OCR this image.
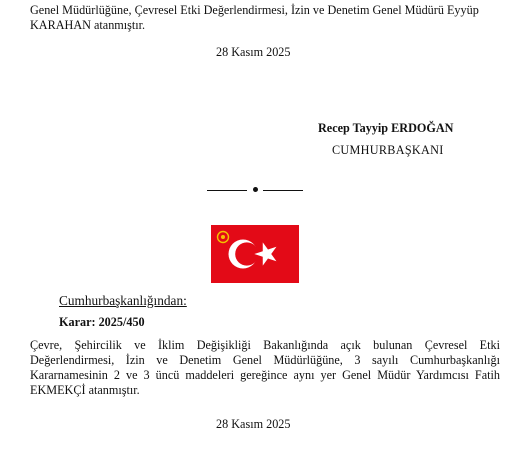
Genel Müdürlüğüne, Çevresel Etki Değerlendirmesi, İzin ve Denetim Genel Müdürü Eyyüp
KARAHAN atanmıştır.
28 Kasım 2025
Recep Tayyip ERDOĞAN
CUMHURBAŞKANI
Cumhurbaşkanlığından:
Karar: 2025/450
Çevre, Şehircilik ve İklim Değişikliği Bakanlığında açık bulunan Çevresel Etki
Değerlendirmesi, İzin ve Denetim Genel Müdürlüğüne, 3 sayılı Cumhurbaşkanlığı
Kararnamesinin 2 ve 3 üncü maddeleri gereğince aynı yer Genel Müdür Yardımcısı Fatih
EKMEKÇİ atanmıştır.
28 Kasım 2025
